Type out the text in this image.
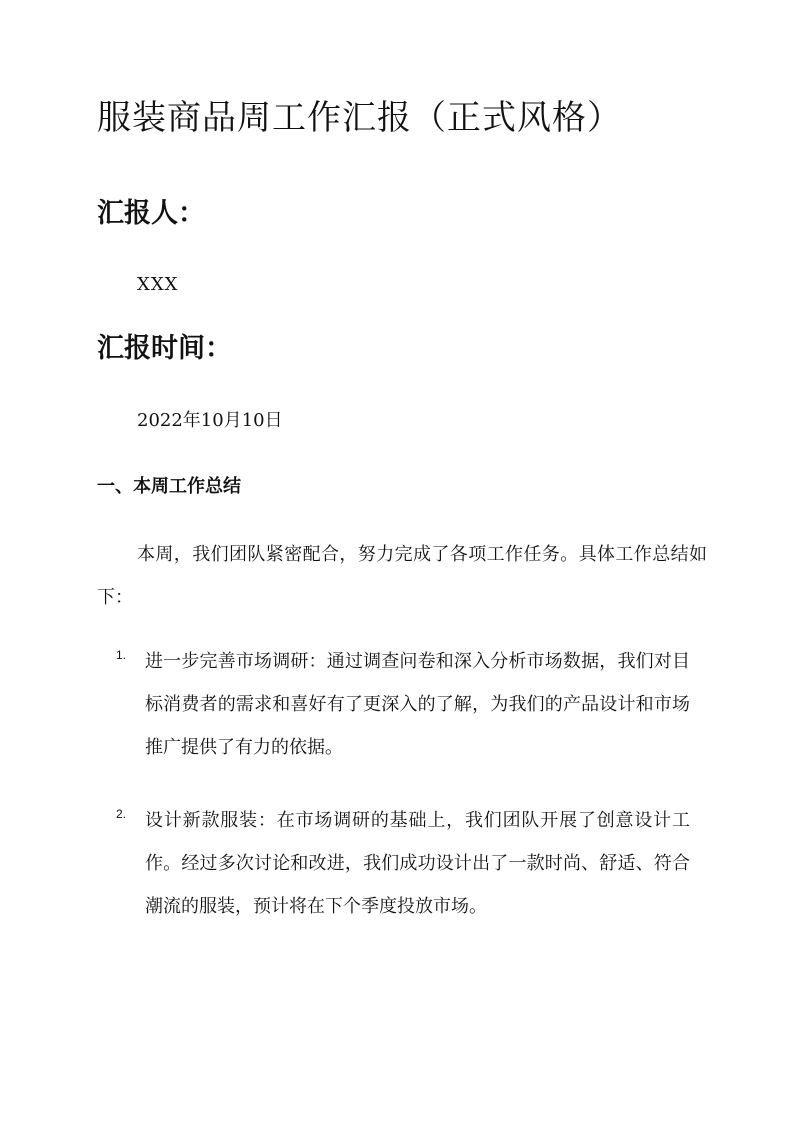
服装商品周工作汇报（正式风格）
汇报人：

XXX

汇报时间：

2022年10月10日

一、本周工作总结

本周，我们团队紧密配合，努力完成了各项工作任务。具体工作总结如下：

1. 进一步完善市场调研：通过调查问卷和深入分析市场数据，我们对目标消费者的需求和喜好有了更深入的了解，为我们的产品设计和市场推广提供了有力的依据。

2. 设计新款服装：在市场调研的基础上，我们团队开展了创意设计工作。经过多次讨论和改进，我们成功设计出了一款时尚、舒适、符合潮流的服装，预计将在下个季度投放市场。
